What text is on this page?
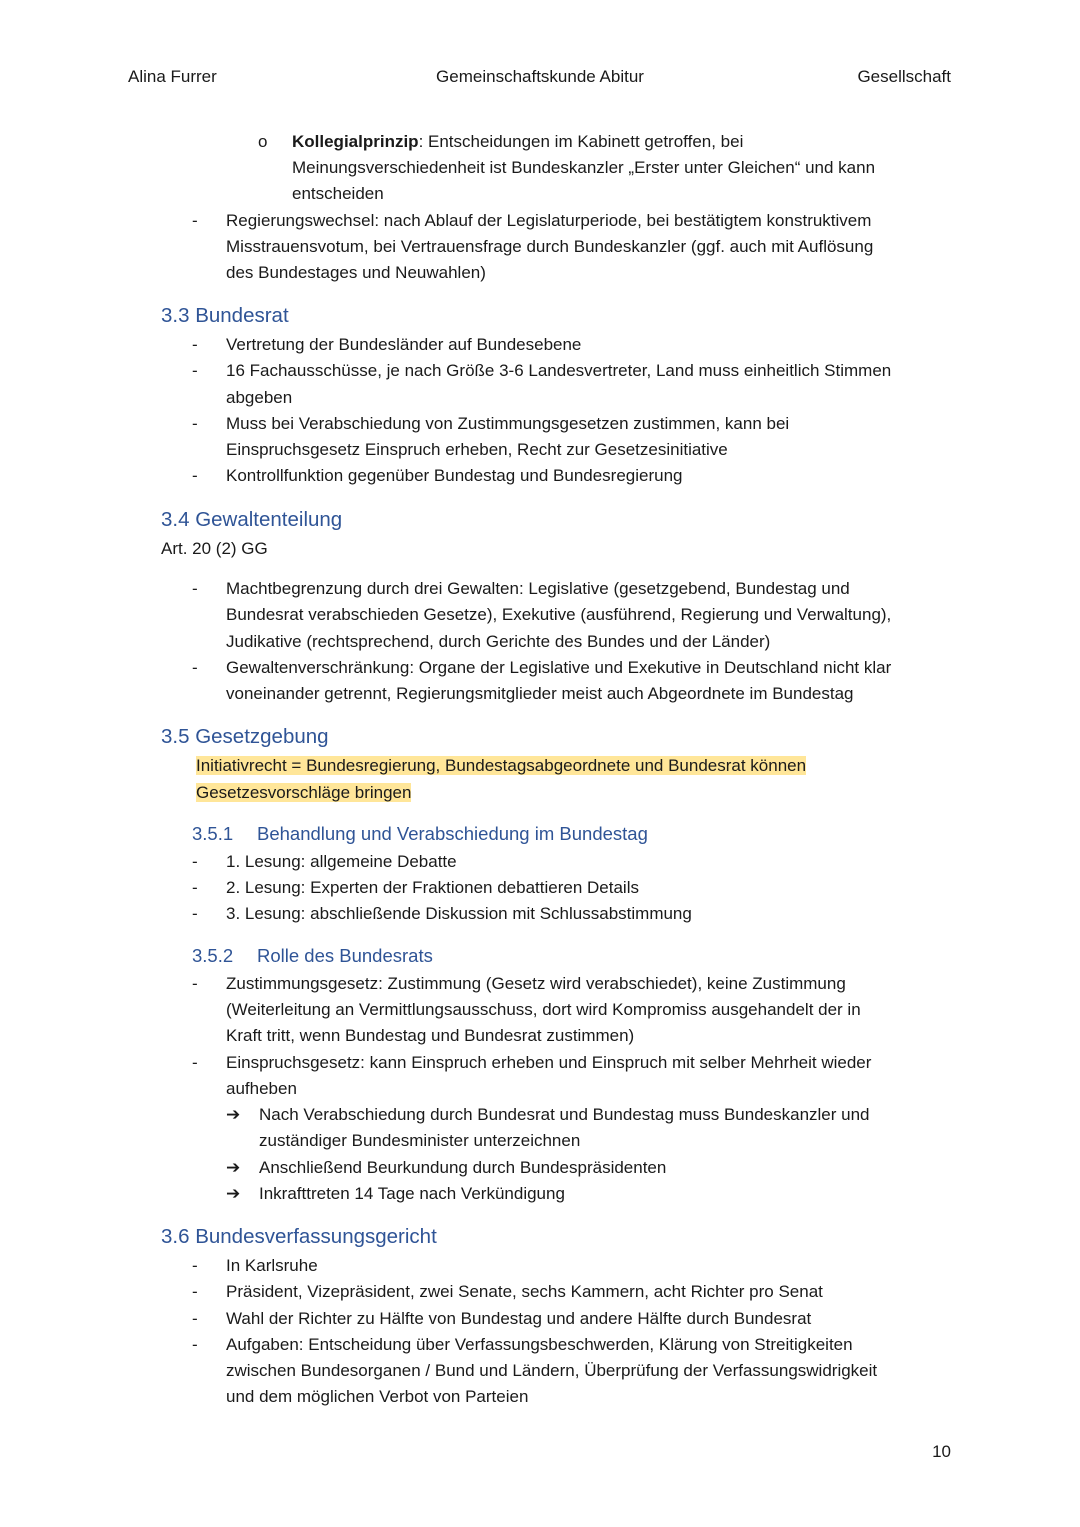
Alina Furrer	Gemeinschaftskunde Abitur	Gesellschaft
o Kollegialprinzip: Entscheidungen im Kabinett getroffen, bei
Meinungsverschiedenheit ist Bundeskanzler „Erster unter Gleichen“ und kann
entscheiden
- Regierungswechsel: nach Ablauf der Legislaturperiode, bei bestätigtem konstruktivem
Misstrauensvotum, bei Vertrauensfrage durch Bundeskanzler (ggf. auch mit Auflösung
des Bundestages und Neuwahlen)
3.3 Bundesrat
- Vertretung der Bundesländer auf Bundesebene
- 16 Fachausschüsse, je nach Größe 3-6 Landesvertreter, Land muss einheitlich Stimmen
abgeben
- Muss bei Verabschiedung von Zustimmungsgesetzen zustimmen, kann bei
Einspruchsgesetz Einspruch erheben, Recht zur Gesetzesinitiative
- Kontrollfunktion gegenüber Bundestag und Bundesregierung
3.4 Gewaltenteilung
Art. 20 (2) GG
- Machtbegrenzung durch drei Gewalten: Legislative (gesetzgebend, Bundestag und
Bundesrat verabschieden Gesetze), Exekutive (ausführend, Regierung und Verwaltung),
Judikative (rechtsprechend, durch Gerichte des Bundes und der Länder)
- Gewaltenverschränkung: Organe der Legislative und Exekutive in Deutschland nicht klar
voneinander getrennt, Regierungsmitglieder meist auch Abgeordnete im Bundestag
3.5 Gesetzgebung
Initiativrecht = Bundesregierung, Bundestagsabgeordnete und Bundesrat können
Gesetzesvorschläge bringen
3.5.1 Behandlung und Verabschiedung im Bundestag
- 1. Lesung: allgemeine Debatte
- 2. Lesung: Experten der Fraktionen debattieren Details
- 3. Lesung: abschließende Diskussion mit Schlussabstimmung
3.5.2 Rolle des Bundesrats
- Zustimmungsgesetz: Zustimmung (Gesetz wird verabschiedet), keine Zustimmung
(Weiterleitung an Vermittlungsausschuss, dort wird Kompromiss ausgehandelt der in
Kraft tritt, wenn Bundestag und Bundesrat zustimmen)
- Einspruchsgesetz: kann Einspruch erheben und Einspruch mit selber Mehrheit wieder
aufheben
➔ Nach Verabschiedung durch Bundesrat und Bundestag muss Bundeskanzler und
zuständiger Bundesminister unterzeichnen
➔ Anschließend Beurkundung durch Bundespräsidenten
➔ Inkrafttreten 14 Tage nach Verkündigung
3.6 Bundesverfassungsgericht
- In Karlsruhe
- Präsident, Vizepräsident, zwei Senate, sechs Kammern, acht Richter pro Senat
- Wahl der Richter zu Hälfte von Bundestag und andere Hälfte durch Bundesrat
- Aufgaben: Entscheidung über Verfassungsbeschwerden, Klärung von Streitigkeiten
zwischen Bundesorganen / Bund und Ländern, Überprüfung der Verfassungswidrigkeit
und dem möglichen Verbot von Parteien
10
